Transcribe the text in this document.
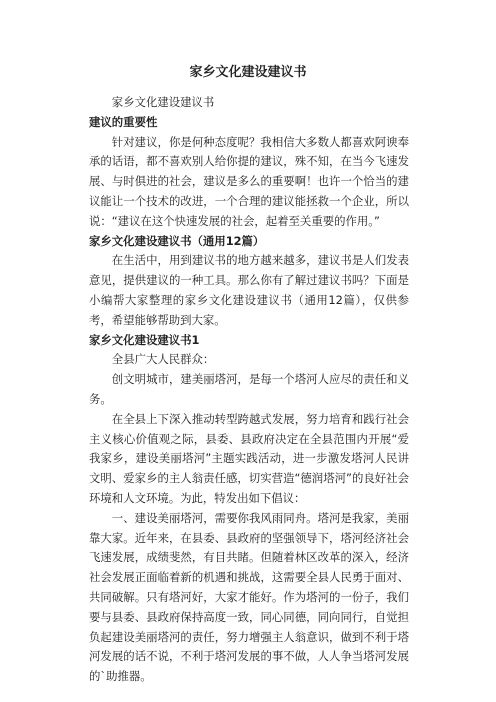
家乡文化建设建议书

家乡文化建设建议书

建议的重要性

针对建议，你是何种态度呢？我相信大多数人都喜欢阿谀奉承的话语，都不喜欢别人给你提的建议，殊不知，在当今飞速发展、与时俱进的社会，建议是多么的重要啊！也许一个恰当的建议能让一个技术的改进，一个合理的建议能拯救一个企业，所以说：“建议在这个快速发展的社会，起着至关重要的作用。”

家乡文化建设建议书（通用12篇）

在生活中，用到建议书的地方越来越多，建议书是人们发表意见，提供建议的一种工具。那么你有了解过建议书吗？下面是小编帮大家整理的家乡文化建设建议书（通用12篇），仅供参考，希望能够帮助到大家。

家乡文化建设建议书1

全县广大人民群众：

创文明城市，建美丽塔河，是每一个塔河人应尽的责任和义务。

在全县上下深入推动转型跨越式发展，努力培育和践行社会主义核心价值观之际，县委、县政府决定在全县范围内开展“爱我家乡，建设美丽塔河”主题实践活动，进一步激发塔河人民讲文明、爱家乡的主人翁责任感，切实营造“德润塔河”的良好社会环境和人文环境。为此，特发出如下倡议：

一、建设美丽塔河，需要你我风雨同舟。塔河是我家，美丽靠大家。近年来，在县委、县政府的坚强领导下，塔河经济社会飞速发展，成绩斐然，有目共睹。但随着林区改革的深入，经济社会发展正面临着新的机遇和挑战，这需要全县人民勇于面对、共同破解。只有塔河好，大家才能好。作为塔河的一份子，我们要与县委、县政府保持高度一致，同心同德，同向同行，自觉担负起建设美丽塔河的责任，努力增强主人翁意识，做到不利于塔河发展的话不说，不利于塔河发展的事不做，人人争当塔河发展的`助推器。
